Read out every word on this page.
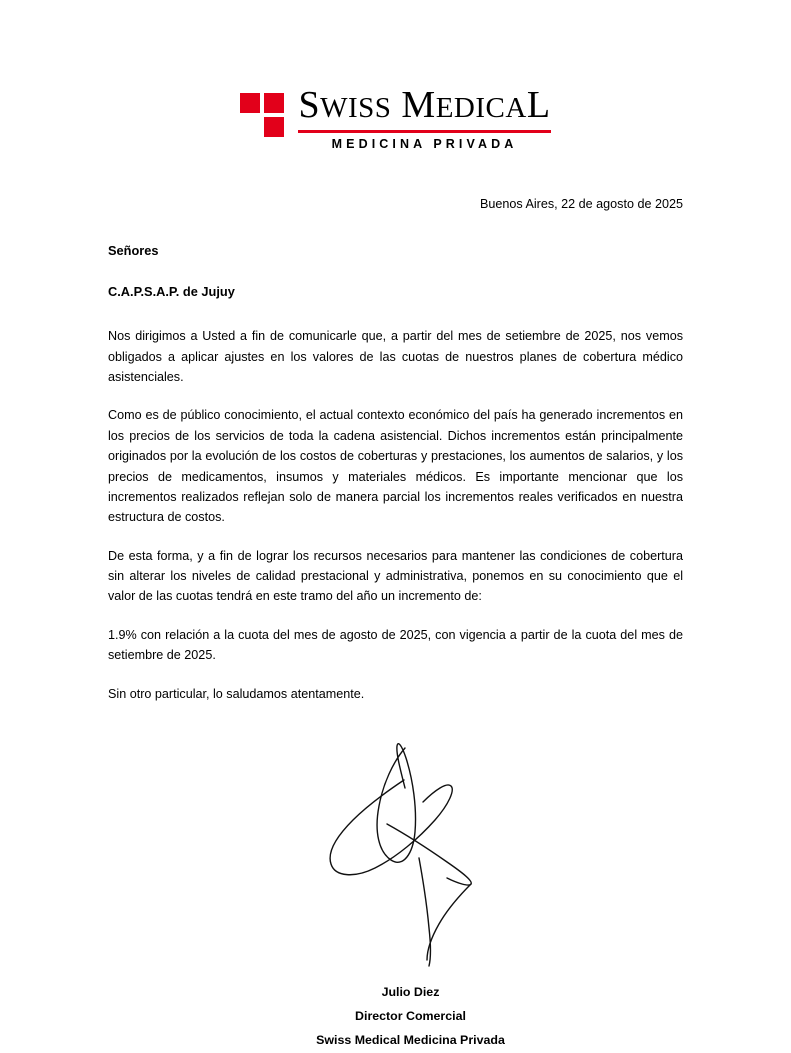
SWISS MEDICAL
MEDICINA PRIVADA
Buenos Aires, 22 de agosto de 2025
Señores
C.A.P.S.A.P. de Jujuy

Nos dirigimos a Usted a fin de comunicarle que, a partir del mes de setiembre de 2025, nos vemos obligados a aplicar ajustes en los valores de las cuotas de nuestros planes de cobertura médico asistenciales.

Como es de público conocimiento, el actual contexto económico del país ha generado incrementos en los precios de los servicios de toda la cadena asistencial. Dichos incrementos están principalmente originados por la evolución de los costos de coberturas y prestaciones, los aumentos de salarios, y los precios de medicamentos, insumos y materiales médicos. Es importante mencionar que los incrementos realizados reflejan solo de manera parcial los incrementos reales verificados en nuestra estructura de costos.

De esta forma, y a fin de lograr los recursos necesarios para mantener las condiciones de cobertura sin alterar los niveles de calidad prestacional y administrativa, ponemos en su conocimiento que el valor de las cuotas tendrá en este tramo del año un incremento de:

1.9% con relación a la cuota del mes de agosto de 2025, con vigencia a partir de la cuota del mes de setiembre de 2025.

Sin otro particular, lo saludamos atentamente.

Julio Diez
Director Comercial
Swiss Medical Medicina Privada
